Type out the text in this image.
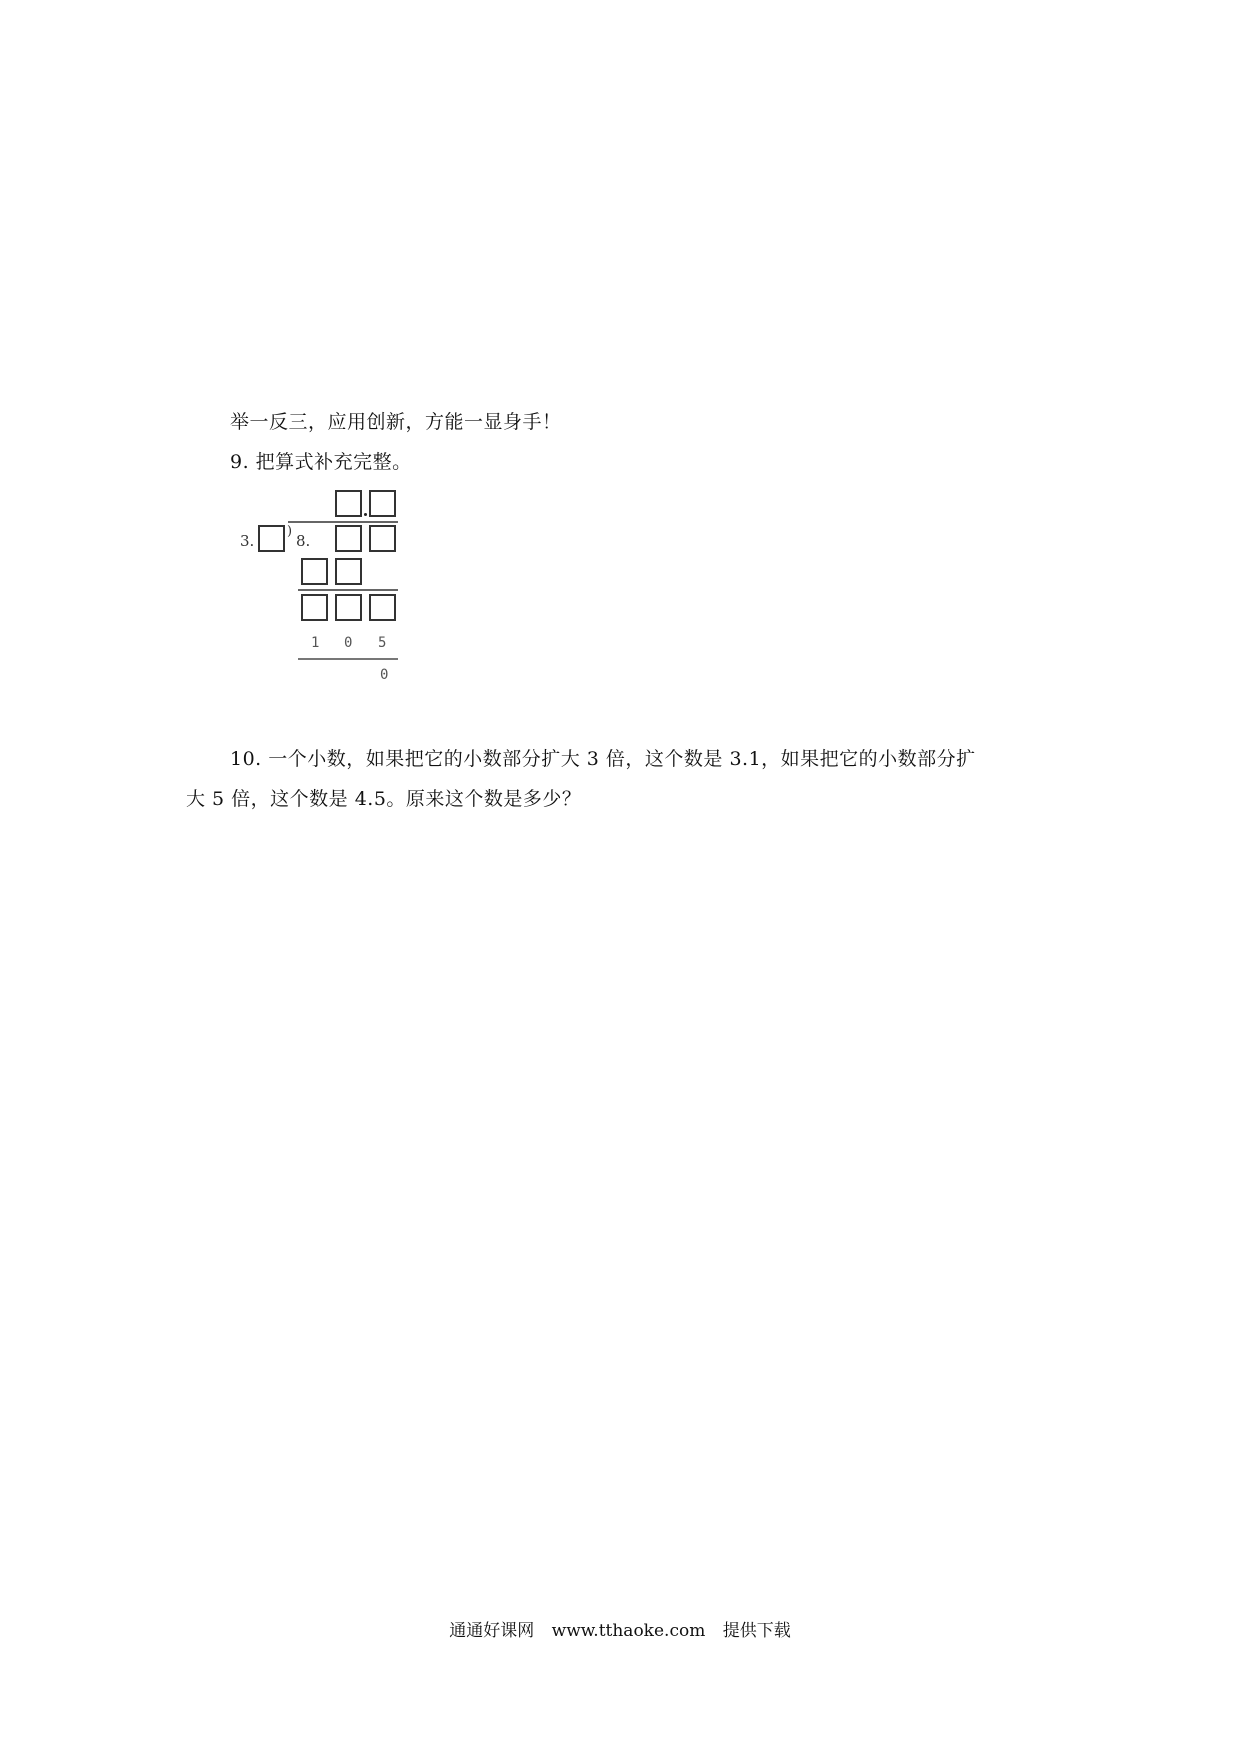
举一反三，应用创新，方能一显身手！
9. 把算式补充完整。
3.
)
8.
1 0 5
0
10. 一个小数，如果把它的小数部分扩大 3 倍，这个数是 3.1，如果把它的小数部分扩
大 5 倍，这个数是 4.5。原来这个数是多少？
通通好课网 www.tthaoke.com 提供下载
